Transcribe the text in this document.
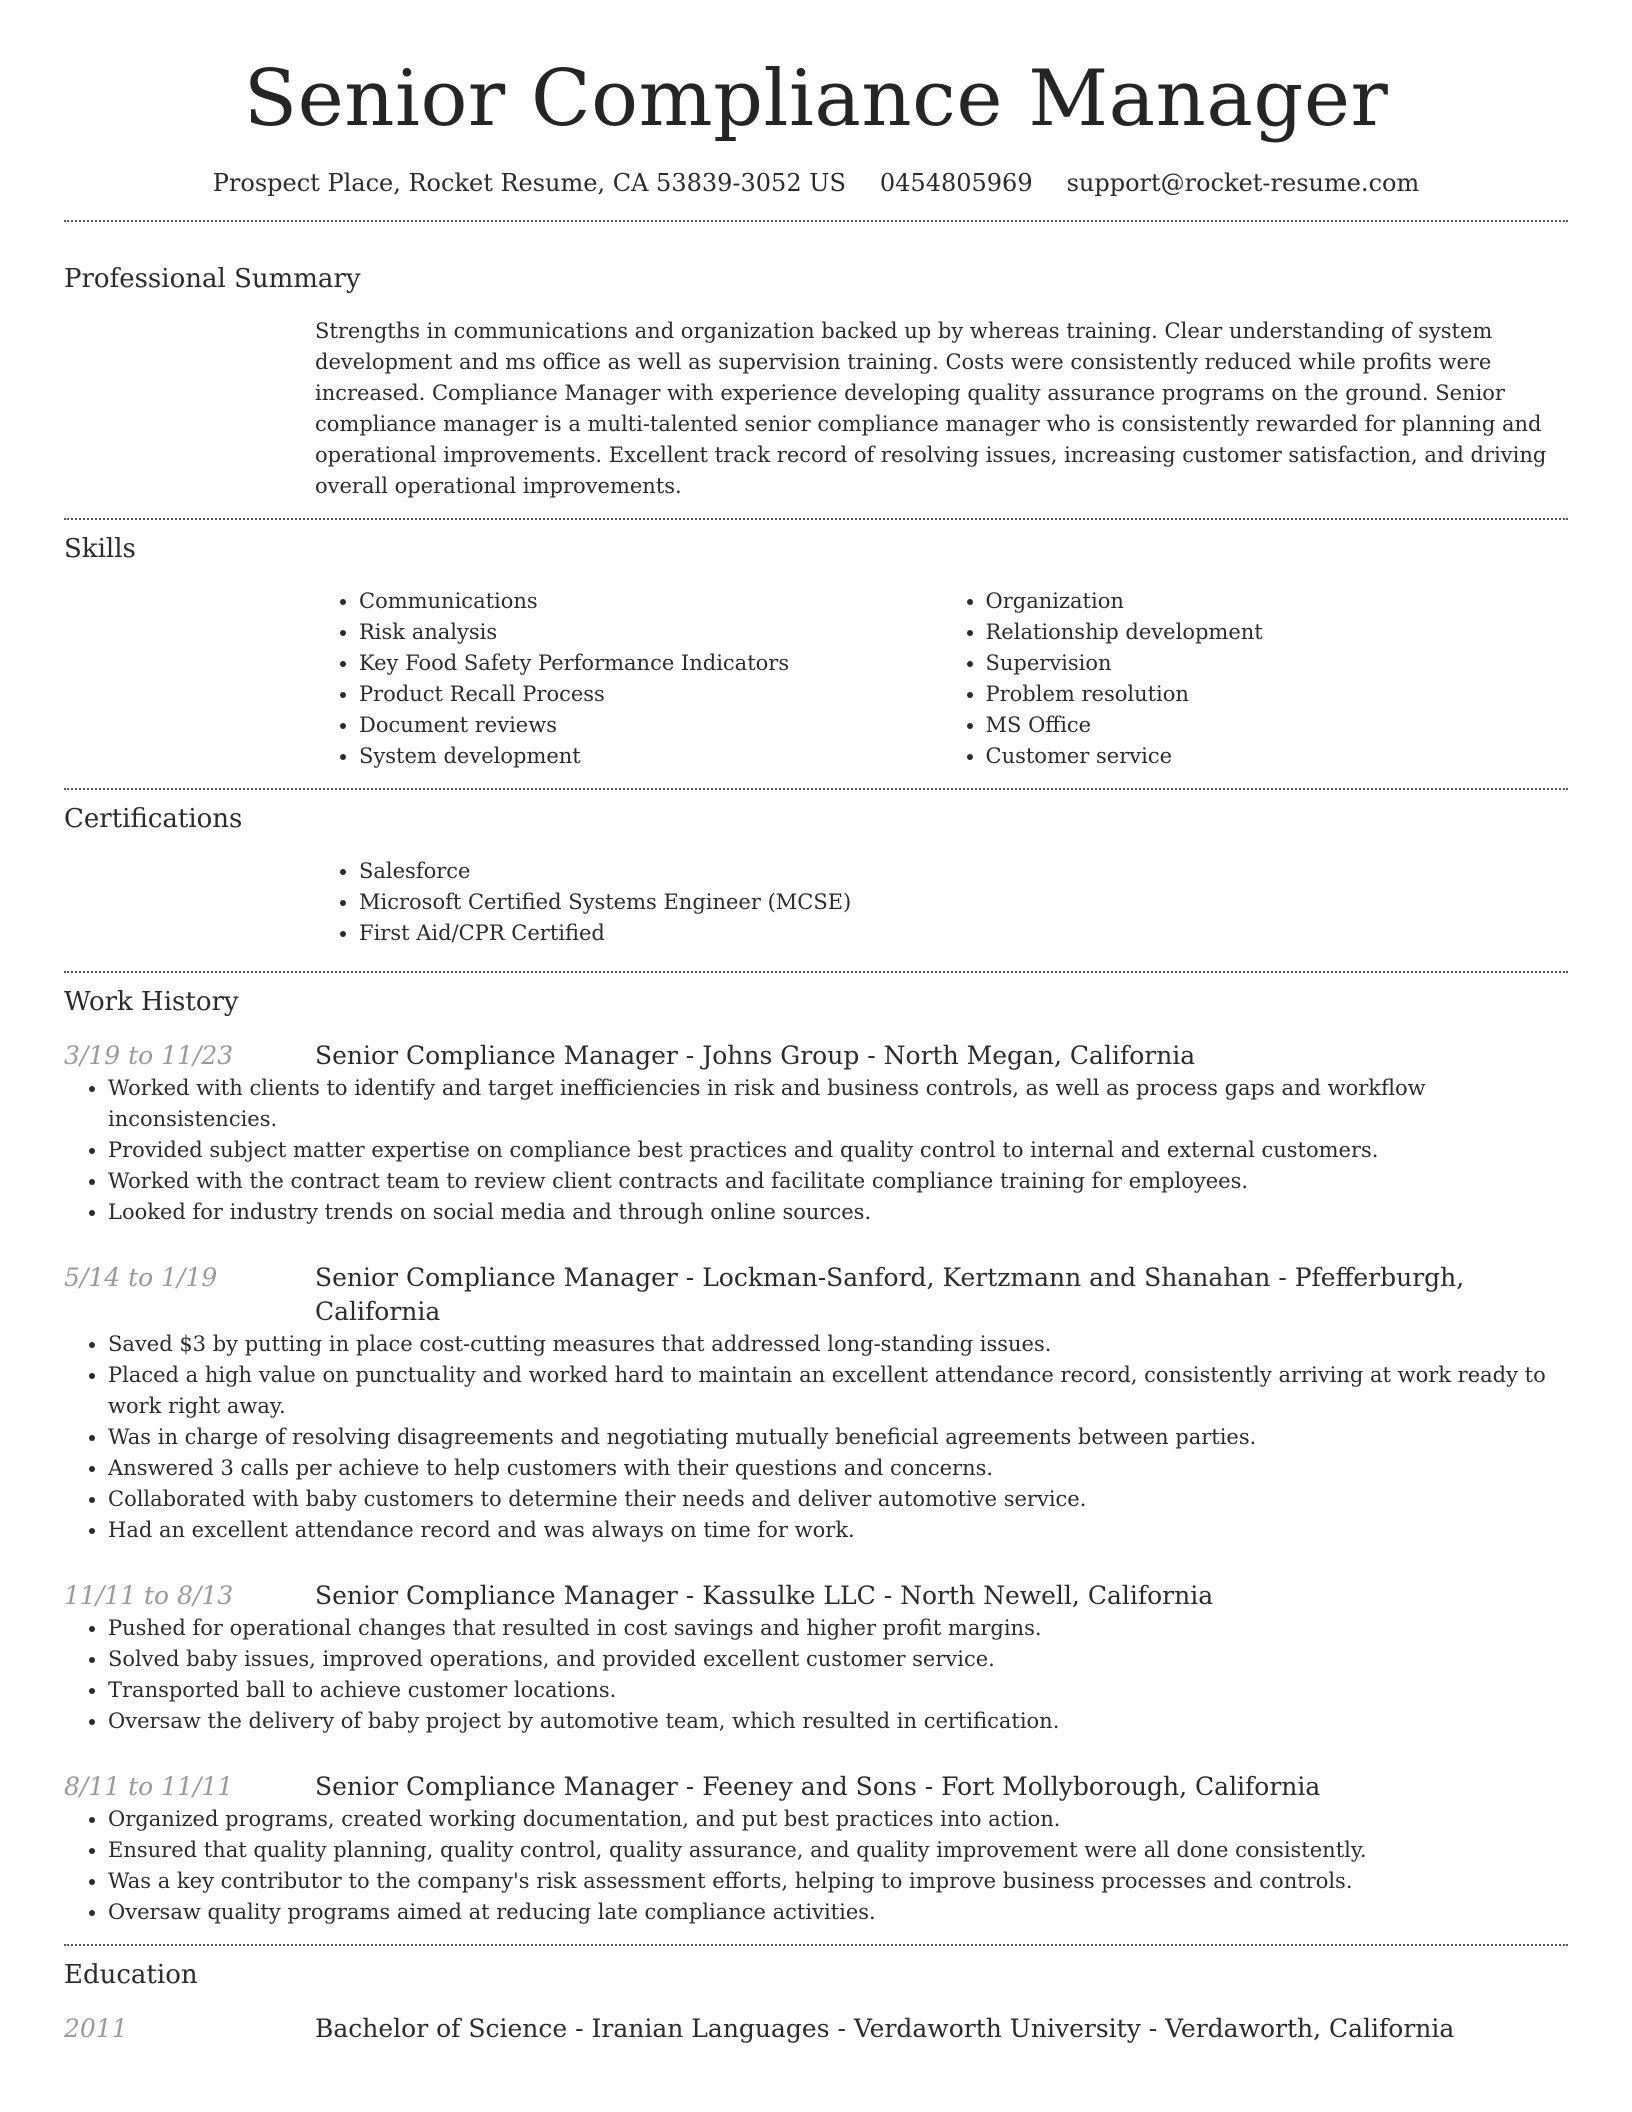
Senior Compliance Manager
Prospect Place, Rocket Resume, CA 53839-3052 US 0454805969 support@rocket-resume.com
Professional Summary

Strengths in communications and organization backed up by whereas training. Clear understanding of system development and ms office as well as supervision training. Costs were consistently reduced while profits were increased. Compliance Manager with experience developing quality assurance programs on the ground. Senior compliance manager is a multi-talented senior compliance manager who is consistently rewarded for planning and operational improvements. Excellent track record of resolving issues, increasing customer satisfaction, and driving overall operational improvements.

Skills
• Communications
• Risk analysis
• Key Food Safety Performance Indicators
• Product Recall Process
• Document reviews
• System development
• Organization
• Relationship development
• Supervision
• Problem resolution
• MS Office
• Customer service
Certifications
• Salesforce
• Microsoft Certified Systems Engineer (MCSE)
• First Aid/CPR Certified
Work History
3/19 to 11/23	Senior Compliance Manager - Johns Group - North Megan, California
• Worked with clients to identify and target inefficiencies in risk and business controls, as well as process gaps and workflow inconsistencies.
• Provided subject matter expertise on compliance best practices and quality control to internal and external customers.
• Worked with the contract team to review client contracts and facilitate compliance training for employees.
• Looked for industry trends on social media and through online sources.
5/14 to 1/19	Senior Compliance Manager - Lockman-Sanford, Kertzmann and Shanahan - Pfefferburgh, California
• Saved $3 by putting in place cost-cutting measures that addressed long-standing issues.
• Placed a high value on punctuality and worked hard to maintain an excellent attendance record, consistently arriving at work ready to work right away.
• Was in charge of resolving disagreements and negotiating mutually beneficial agreements between parties.
• Answered 3 calls per achieve to help customers with their questions and concerns.
• Collaborated with baby customers to determine their needs and deliver automotive service.
• Had an excellent attendance record and was always on time for work.
11/11 to 8/13	Senior Compliance Manager - Kassulke LLC - North Newell, California
• Pushed for operational changes that resulted in cost savings and higher profit margins.
• Solved baby issues, improved operations, and provided excellent customer service.
• Transported ball to achieve customer locations.
• Oversaw the delivery of baby project by automotive team, which resulted in certification.
8/11 to 11/11	Senior Compliance Manager - Feeney and Sons - Fort Mollyborough, California
• Organized programs, created working documentation, and put best practices into action.
• Ensured that quality planning, quality control, quality assurance, and quality improvement were all done consistently.
• Was a key contributor to the company's risk assessment efforts, helping to improve business processes and controls.
• Oversaw quality programs aimed at reducing late compliance activities.
Education
2011	Bachelor of Science - Iranian Languages - Verdaworth University - Verdaworth, California
